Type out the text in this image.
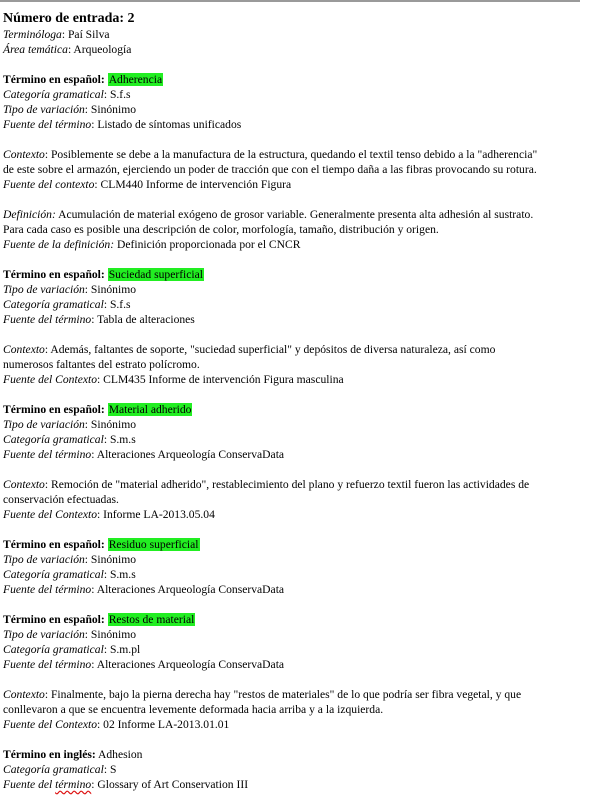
Número de entrada: 2
Terminóloga: Paí Silva
Área temática: Arqueología
Término en español: Adherencia
Categoría gramatical: S.f.s
Tipo de variación: Sinónimo
Fuente del término: Listado de síntomas unificados
Contexto: Posiblemente se debe a la manufactura de la estructura, quedando el textil tenso debido a la "adherencia"
de este sobre el armazón, ejerciendo un poder de tracción que con el tiempo daña a las fibras provocando su rotura.
Fuente del contexto: CLM440 Informe de intervención Figura
Definición: Acumulación de material exógeno de grosor variable. Generalmente presenta alta adhesión al sustrato.
Para cada caso es posible una descripción de color, morfología, tamaño, distribución y origen.
Fuente de la definición: Definición proporcionada por el CNCR
Término en español: Suciedad superficial
Tipo de variación: Sinónimo
Categoría gramatical: S.f.s
Fuente del término: Tabla de alteraciones
Contexto: Además, faltantes de soporte, "suciedad superficial" y depósitos de diversa naturaleza, así como
numerosos faltantes del estrato polícromo.
Fuente del Contexto: CLM435 Informe de intervención Figura masculina
Término en español: Material adherido
Tipo de variación: Sinónimo
Categoría gramatical: S.m.s
Fuente del término: Alteraciones Arqueología ConservaData
Contexto: Remoción de "material adherido", restablecimiento del plano y refuerzo textil fueron las actividades de
conservación efectuadas.
Fuente del Contexto: Informe LA-2013.05.04
Término en español: Residuo superficial
Tipo de variación: Sinónimo
Categoría gramatical: S.m.s
Fuente del término: Alteraciones Arqueología ConservaData
Término en español: Restos de material
Tipo de variación: Sinónimo
Categoría gramatical: S.m.pl
Fuente del término: Alteraciones Arqueología ConservaData
Contexto: Finalmente, bajo la pierna derecha hay "restos de materiales" de lo que podría ser fibra vegetal, y que
conllevaron a que se encuentra levemente deformada hacia arriba y a la izquierda.
Fuente del Contexto: 02 Informe LA-2013.01.01
Término en inglés: Adhesion
Categoría gramatical: S
Fuente del término: Glossary of Art Conservation III
